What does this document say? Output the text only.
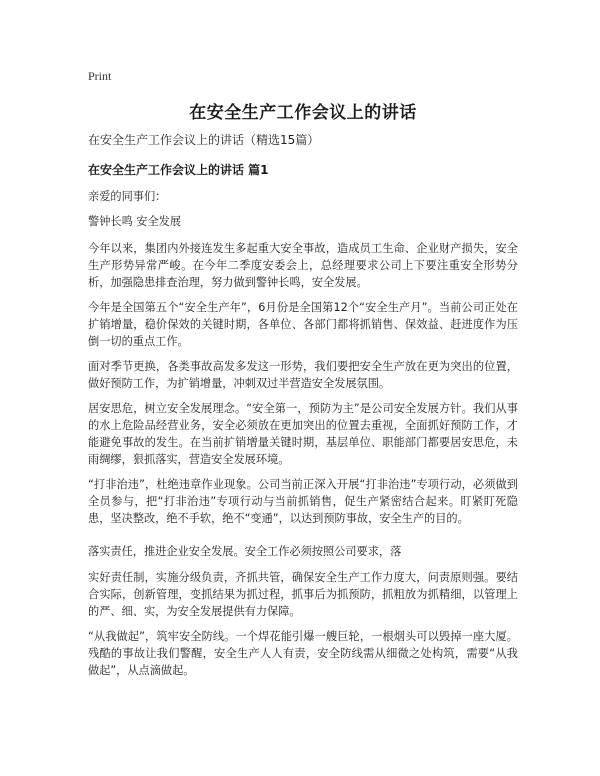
Print
在安全生产工作会议上的讲话
在安全生产工作会议上的讲话（精选15篇）
在安全生产工作会议上的讲话 篇1

亲爱的同事们：

警钟长鸣 安全发展

今年以来，集团内外接连发生多起重大安全事故，造成员工生命、企业财产损失，安全生产形势异常严峻。在今年二季度安委会上，总经理要求公司上下要注重安全形势分析，加强隐患排查治理，努力做到警钟长鸣，安全发展。

今年是全国第五个“安全生产年”，6月份是全国第12个“安全生产月”。当前公司正处在扩销增量，稳价保效的关键时期，各单位、各部门都将抓销售、保效益、赶进度作为压倒一切的重点工作。

面对季节更换，各类事故高发多发这一形势，我们要把安全生产放在更为突出的位置，做好预防工作，为扩销增量，冲刺双过半营造安全发展氛围。

居安思危，树立安全发展理念。“安全第一，预防为主”是公司安全发展方针。我们从事的水上危险品经营业务，安全必须放在更加突出的位置去重视，全面抓好预防工作，才能避免事故的发生。在当前扩销增量关键时期，基层单位、职能部门都要居安思危，未雨绸缪，狠抓落实，营造安全发展环境。

“打非治违”，杜绝违章作业现象。公司当前正深入开展“打非治违”专项行动，必须做到全员参与，把“打非治违”专项行动与当前抓销售，促生产紧密结合起来。盯紧盯死隐患，坚决整改，绝不手软，绝不“变通”，以达到预防事故，安全生产的目的。

落实责任，推进企业安全发展。安全工作必须按照公司要求，落

实好责任制，实施分级负责，齐抓共管，确保安全生产工作力度大，问责原则强。要结合实际，创新管理，变抓结果为抓过程，抓事后为抓预防，抓粗放为抓精细，以管理上的严、细、实，为安全发展提供有力保障。

“从我做起”，筑牢安全防线。一个焊花能引爆一艘巨轮，一根烟头可以毁掉一座大厦。残酷的事故让我们警醒，安全生产人人有责，安全防线需从细微之处构筑，需要“从我做起”，从点滴做起。
